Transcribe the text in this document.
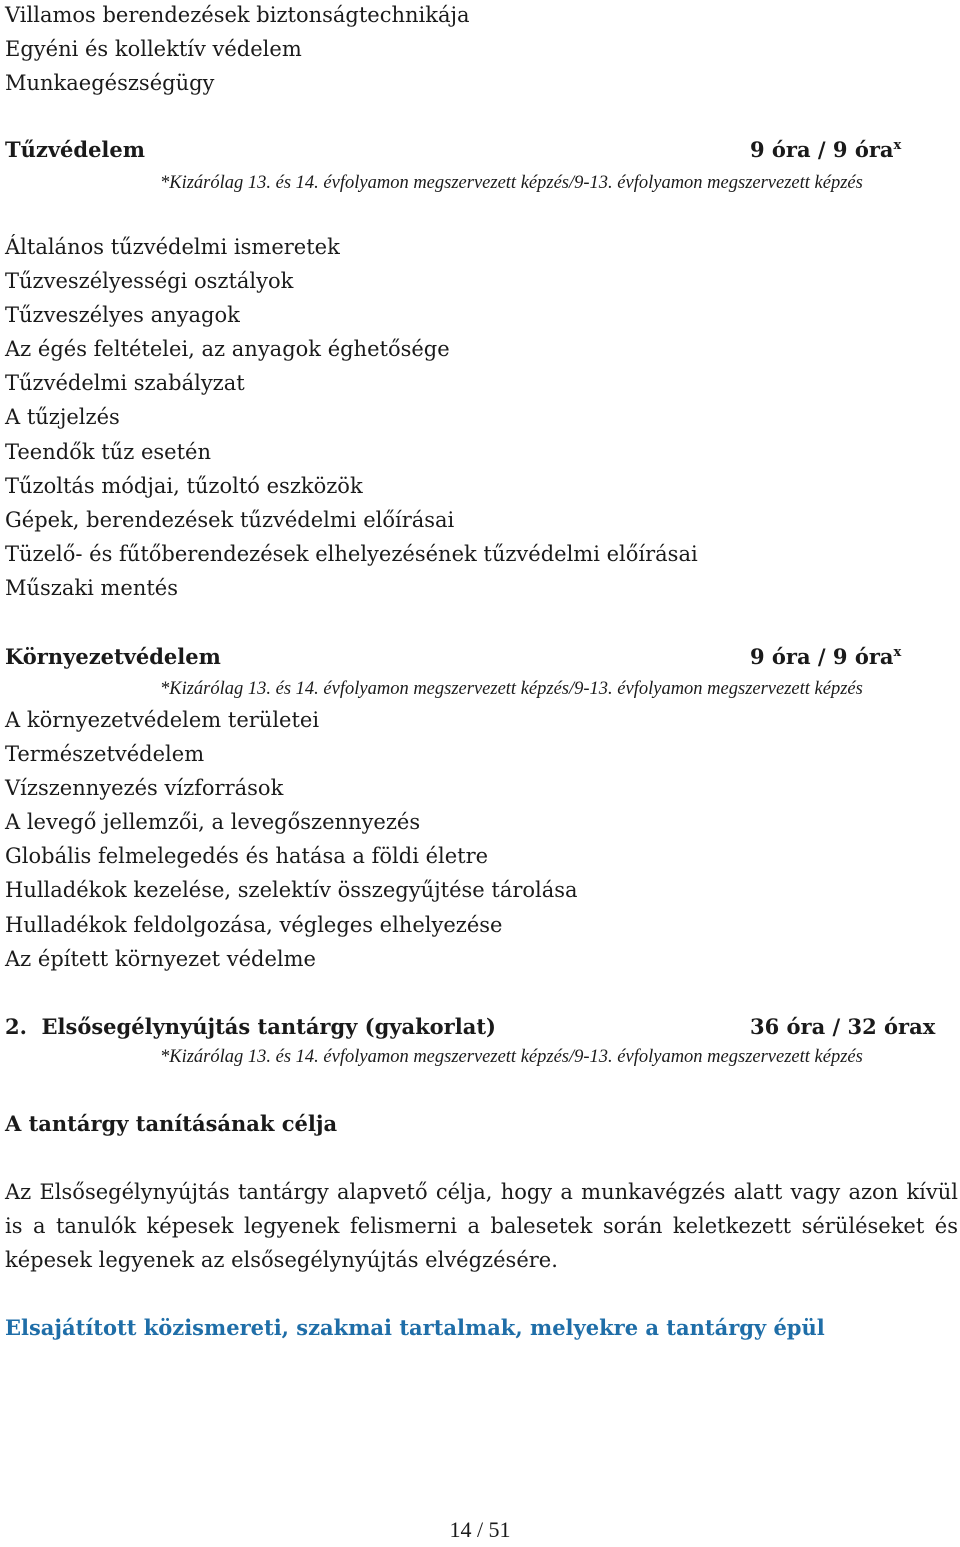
Villamos berendezések biztonságtechnikája
Egyéni és kollektív védelem
Munkaegészségügy
Tűzvédelem	9 óra / 9 óra$^x$
*Kizárólag 13. és 14. évfolyamon megszervezett képzés/9-13. évfolyamon megszervezett képzés
Általános tűzvédelmi ismeretek
Tűzveszélyességi osztályok
Tűzveszélyes anyagok
Az égés feltételei, az anyagok éghetősége
Tűzvédelmi szabályzat
A tűzjelzés
Teendők tűz esetén
Tűzoltás módjai, tűzoltó eszközök
Gépek, berendezések tűzvédelmi előírásai
Tüzelő- és fűtőberendezések elhelyezésének tűzvédelmi előírásai
Műszaki mentés
Környezetvédelem	9 óra / 9 óra$^x$
*Kizárólag 13. és 14. évfolyamon megszervezett képzés/9-13. évfolyamon megszervezett képzés
A környezetvédelem területei
Természetvédelem
Vízszennyezés vízforrások
A levegő jellemzői, a levegőszennyezés
Globális felmelegedés és hatása a földi életre
Hulladékok kezelése, szelektív összegyűjtése tárolása
Hulladékok feldolgozása, végleges elhelyezése
Az épített környezet védelme
2.  Elsősegélynyújtás tantárgy (gyakorlat)	36 óra / 32 órax
*Kizárólag 13. és 14. évfolyamon megszervezett képzés/9-13. évfolyamon megszervezett képzés
A tantárgy tanításának célja

Az Elsősegélynyújtás tantárgy alapvető célja, hogy a munkavégzés alatt vagy azon kívül is a tanulók képesek legyenek felismerni a balesetek során keletkezett sérüléseket és képesek legyenek az elsősegélynyújtás elvégzésére.

Elsajátított közismereti, szakmai tartalmak, melyekre a tantárgy épül
14 / 51
